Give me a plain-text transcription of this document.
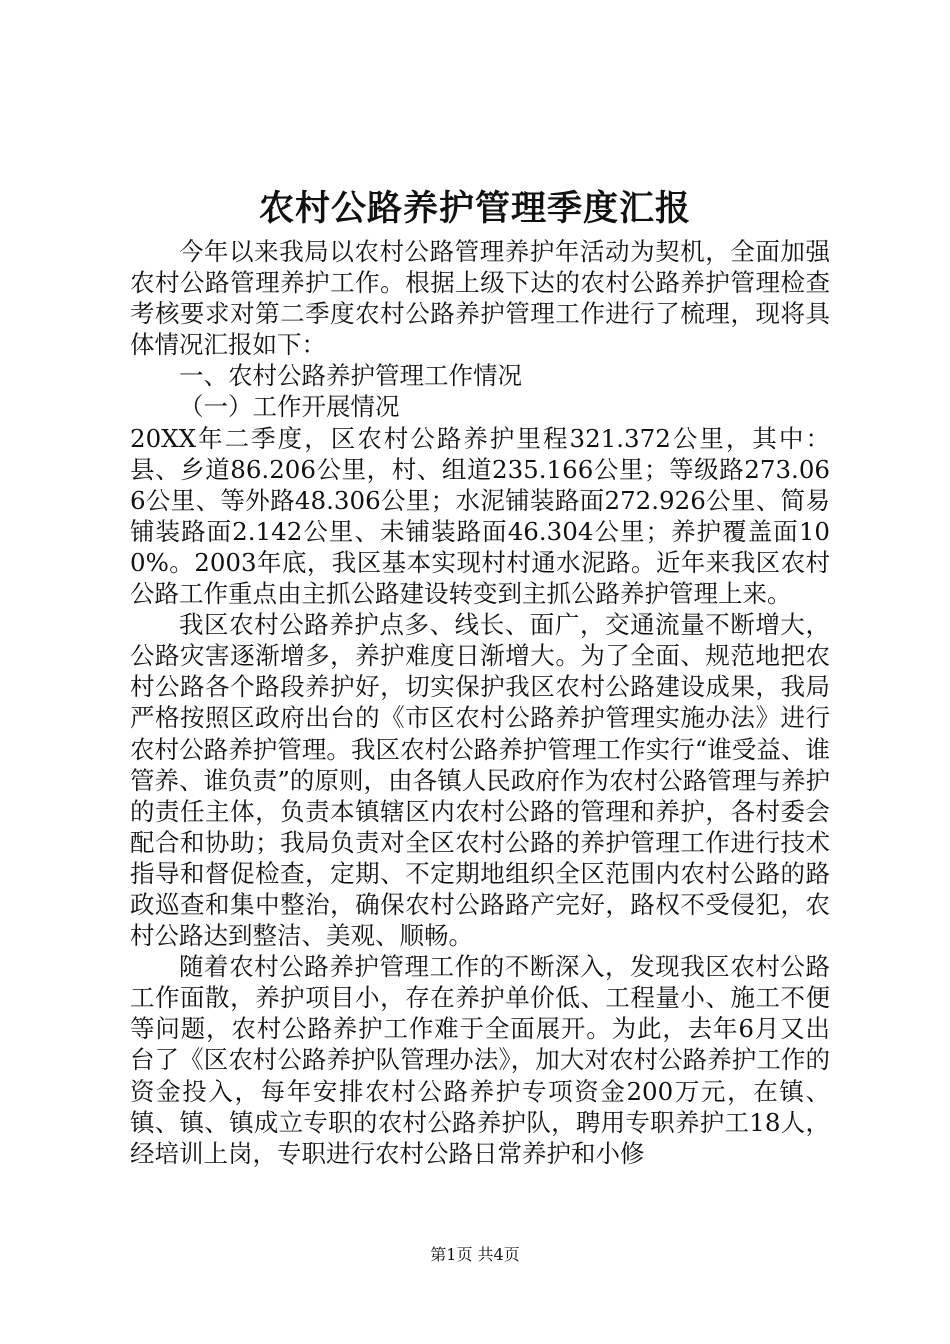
农村公路养护管理季度汇报

今年以来我局以农村公路管理养护年活动为契机，全面加强农村公路管理养护工作。根据上级下达的农村公路养护管理检查考核要求对第二季度农村公路养护管理工作进行了梳理，现将具体情况汇报如下：

一、农村公路养护管理工作情况

（一）工作开展情况

20XX年二季度，区农村公路养护里程321.372公里，其中：县、乡道86.206公里，村、组道235.166公里；等级路273.066公里、等外路48.306公里；水泥铺装路面272.926公里、简易铺装路面2.142公里、未铺装路面46.304公里；养护覆盖面100%。2003年底，我区基本实现村村通水泥路。近年来我区农村公路工作重点由主抓公路建设转变到主抓公路养护管理上来。

我区农村公路养护点多、线长、面广，交通流量不断增大，公路灾害逐渐增多，养护难度日渐增大。为了全面、规范地把农村公路各个路段养护好，切实保护我区农村公路建设成果，我局严格按照区政府出台的《市区农村公路养护管理实施办法》进行农村公路养护管理。我区农村公路养护管理工作实行“谁受益、谁管养、谁负责”的原则，由各镇人民政府作为农村公路管理与养护的责任主体，负责本镇辖区内农村公路的管理和养护，各村委会配合和协助；我局负责对全区农村公路的养护管理工作进行技术指导和督促检查，定期、不定期地组织全区范围内农村公路的路政巡查和集中整治，确保农村公路路产完好，路权不受侵犯，农村公路达到整洁、美观、顺畅。

随着农村公路养护管理工作的不断深入，发现我区农村公路工作面散，养护项目小，存在养护单价低、工程量小、施工不便等问题，农村公路养护工作难于全面展开。为此，去年6月又出台了《区农村公路养护队管理办法》，加大对农村公路养护工作的资金投入，每年安排农村公路养护专项资金200万元，在镇、镇、镇、镇成立专职的农村公路养护队，聘用专职养护工18人，经培训上岗，专职进行农村公路日常养护和小修

第1页 共4页
